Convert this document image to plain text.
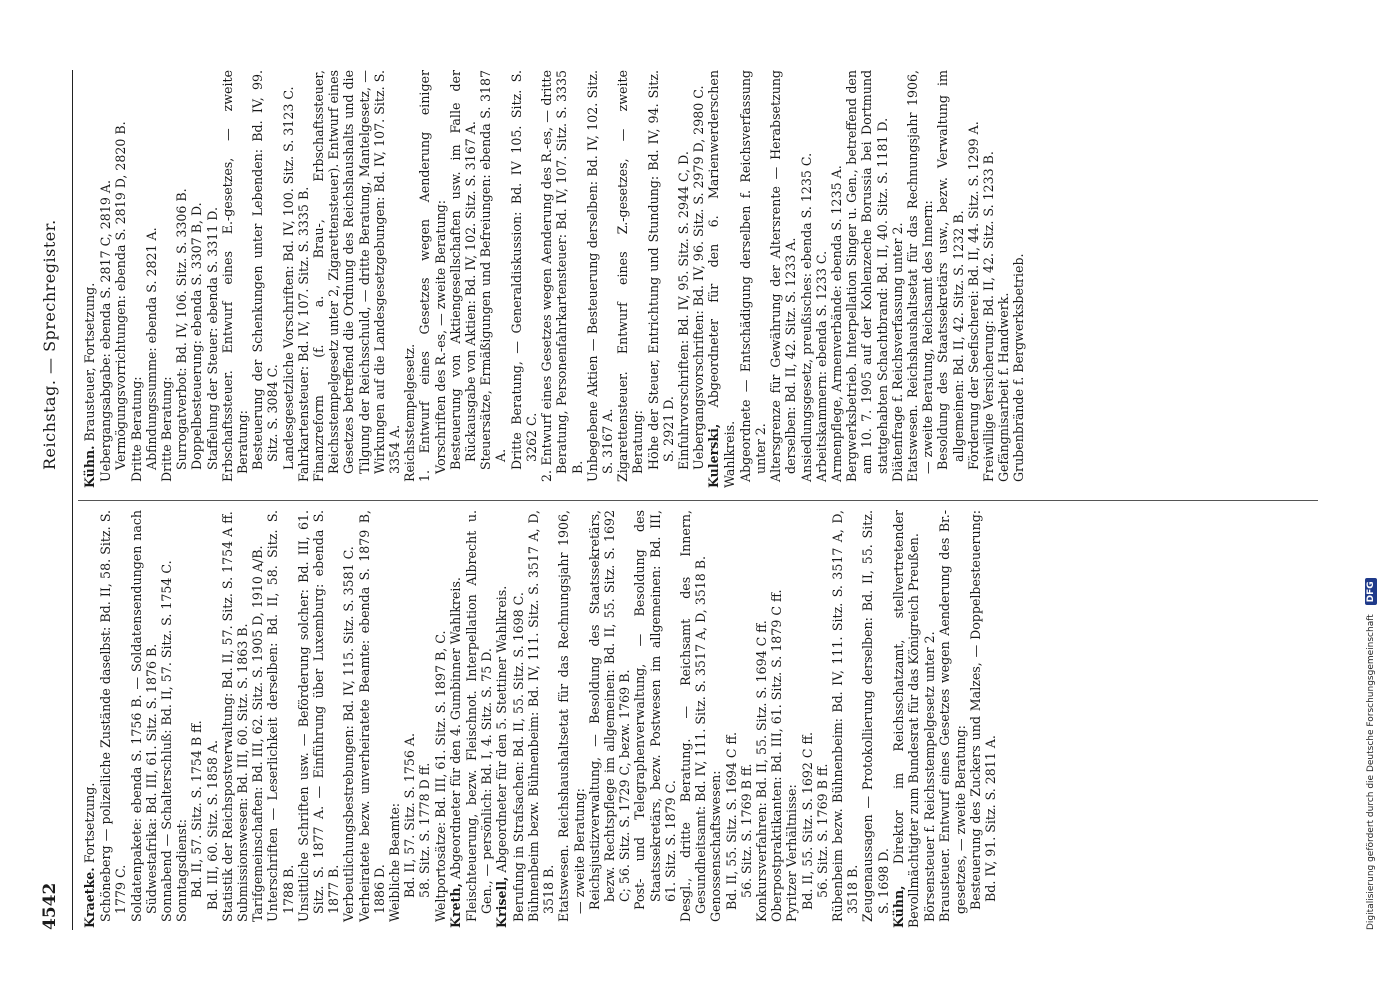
4542
Reichstag. — Sprechregister.

Kraetke. Fortsetzung. Schöneberg — polizeiliche Zustände daselbst: Bd. II, 58. Sitz. S. 1779 C. Soldatenpakete: ebenda S. 1756 B. — Soldatensendungen nach Südwestafrika: Bd. III, 61. Sitz. S. 1876 B. Sonnabend — Schalterschluß: Bd. II, 57. Sitz. S. 1754 C. Sonntagsdienst: Bd. II, 57. Sitz. S. 1754 B ff. Bd. III, 60. Sitz. S. 1858 A. Statistik der Reichspostverwaltung: Bd. II, 57. Sitz. S. 1754 A ff. Submissionswesen: Bd. III, 60. Sitz. S. 1863 B. Tarifgemeinschaften: Bd. III, 62. Sitz. S. 1905 D, 1910 A/B. Unterschriften — Leserlichkeit derselben: Bd. II, 58. Sitz. S. 1788 B. Unsittliche Schriften usw. — Beförderung solcher: Bd. III, 61. Sitz. S. 1877 A. — Einführung über Luxemburg: ebenda S. 1877 B. Verbeutlichungsbestrebungen: Bd. IV, 115. Sitz. S. 3581 C. Verheiratete bezw. unverheiratete Beamte: ebenda S. 1879 B, 1886 D. Weibliche Beamte: Bd. II, 57. Sitz. S. 1756 A. 58. Sitz. S. 1778 D ff. Weltportosätze: Bd. III, 61. Sitz. S. 1897 B, C. Kreth, Abgeordneter für den 4. Gumbinner Wahlkreis. Fleischteuerung, bezw. Fleischnot. Interpellation Albrecht u. Gen., — persönlich: Bd. I, 4. Sitz. S. 75 D. Krisell, Abgeordneter für den 5. Stettiner Wahlkreis. Berufung in Strafsachen: Bd. II, 55. Sitz. S. 1698 C. Bühnenbeim bezw. Bühnenbeim: Bd. IV, 111. Sitz. S. 3517 A, D, 3518 B. Etatswesen. Reichshaushaltsetat für das Rechnungsjahr 1906, — zweite Beratung: Reichsjustizverwaltung, — Besoldung des Staatssekretärs, bezw. Rechtspflege im allgemeinen: Bd. II, 55. Sitz. S. 1692 C; 56. Sitz. S. 1729 C, bezw. 1769 B. Post- und Telegraphenverwaltung, — Besoldung des Staatssekretärs, bezw. Postwesen im allgemeinen: Bd. III, 61. Sitz. S. 1879 C. Desgl., dritte Beratung. — Reichsamt des Innern, Gesundheitsamt: Bd. IV, 111. Sitz. S. 3517 A, D, 3518 B. Genossenschaftswesen: Bd. II, 55. Sitz. S. 1694 C ff. 56. Sitz. S. 1769 B ff. Konkursverfahren: Bd. II, 55. Sitz. S. 1694 C ff. Oberpostpraktikanten: Bd. III, 61. Sitz. S. 1879 C ff. Pyritzer Verhältnisse: Bd. II, 55. Sitz. S. 1692 C ff. 56. Sitz. S. 1769 B ff. Rübenbeim bezw. Bühnenbeim: Bd. IV, 111. Sitz. S. 3517 A, D, 3518 B. Zeugenaussagen — Protokollierung derselben: Bd. II, 55. Sitz. S. 1698 D. Kühn, Direktor im Reichsschatzamt, stellvertretender Bevollmächtigter zum Bundesrat für das Königreich Preußen. Börsensteuer f. Reichsstempelgesetz unter 2. Brausteuer. Entwurf eines Gesetzes wegen Aenderung des Br.-gesetzes, — zweite Beratung: Besteuerung des Zuckers und Malzes, — Doppelbesteuerung: Bd. IV, 91. Sitz. S. 2811 A.

Kühn. Brausteuer, Fortsetzung. Uebergangsabgabe: ebenda S. 2817 C, 2819 A. Vermögungsvorrichtungen: ebenda S. 2819 D, 2820 B. Dritte Beratung: Abfindungssumme: ebenda S. 2821 A. Dritte Beratung: Surrogatverbot: Bd. IV, 106. Sitz. S. 3306 B. Doppelbesteuerung: ebenda S. 3307 B, D. Staffelung der Steuer: ebenda S. 3311 D. Erbschaftssteuer. Entwurf eines E.-gesetzes, — zweite Beratung: Besteuerung der Schenkungen unter Lebenden: Bd. IV, 99. Sitz. S. 3084 C. Landesgesetzliche Vorschriften: Bd. IV, 100. Sitz. S. 3123 C. Fahrkartensteuer: Bd. IV, 107. Sitz. S. 3335 B. Finanzreform (f. a. Brau-, Erbschaftssteuer, Reichsstempelgesetz unter 2, Zigarettensteuer). Entwurf eines Gesetzes betreffend die Ordnung des Reichshaushalts und die Tilgung der Reichsschuld, — dritte Beratung, Mantelgesetz, — Wirkungen auf die Landesgesetzgebungen: Bd. IV, 107. Sitz. S. 3354 A. Reichsstempelgesetz. 1. Entwurf eines Gesetzes wegen Aenderung einiger Vorschriften des R.-es, — zweite Beratung: Besteuerung von Aktiengesellschaften usw. im Falle der Rückausgabe von Aktien: Bd. IV, 102. Sitz. S. 3167 A. Steuersätze, Ermäßigungen und Befreiungen: ebenda S. 3187 A. Dritte Beratung, — Generaldiskussion: Bd. IV 105. Sitz. S. 3262 C. 2. Entwurf eines Gesetzes wegen Aenderung des R.-es, — dritte Beratung, Personenfahrkartensteuer: Bd. IV, 107. Sitz. S. 3335 B. Unbegebene Aktien — Besteuerung derselben: Bd. IV, 102. Sitz. S. 3167 A. Zigarettensteuer. Entwurf eines Z.-gesetzes, — zweite Beratung: Höhe der Steuer, Entrichtung und Stundung: Bd. IV, 94. Sitz. S. 2921 D. Einfuhrvorschriften: Bd. IV, 95. Sitz. S. 2944 C, D. Uebergangsvorschriften: Bd. IV, 96. Sitz. S. 2979 D, 2980 C. Kulerski, Abgeordneter für den 6. Marienwerderschen Wahlkreis. Abgeordnete — Entschädigung derselben f. Reichsverfassung unter 2. Altersgrenze für Gewährung der Altersrente — Herabsetzung derselben: Bd. II, 42. Sitz. S. 1233 A. Ansiedlungsgesetz, preußisches: ebenda S. 1235 C. Arbeitskammern: ebenda S. 1233 C. Armenpflege, Armenverbände: ebenda S. 1235 A. Bergwerksbetrieb. Interpellation Singer u. Gen., betreffend den am 10. 7. 1905 auf der Kohlenzeche Borussia bei Dortmund stattgehabten Schachtbrand: Bd. II, 40. Sitz. S. 1181 D. Diätenfrage f. Reichsverfassung unter 2. Etatswesen. Reichshaushaltsetat für das Rechnungsjahr 1906, — zweite Beratung, Reichsamt des Innern: Besoldung des Staatssekretärs usw., bezw. Verwaltung im allgemeinen: Bd. II, 42. Sitz. S. 1232 B. Förderung der Seefischerei: Bd. II, 44. Sitz. S. 1299 A. Freiwillige Versicherung: Bd. II, 42. Sitz. S. 1233 B. Gefängnisarbeit f. Handwerk. Grubenbrände f. Bergwerksbetrieb.

Digitalisierung gefördert durch die Deutsche Forschungsgemeinschaft DFG
